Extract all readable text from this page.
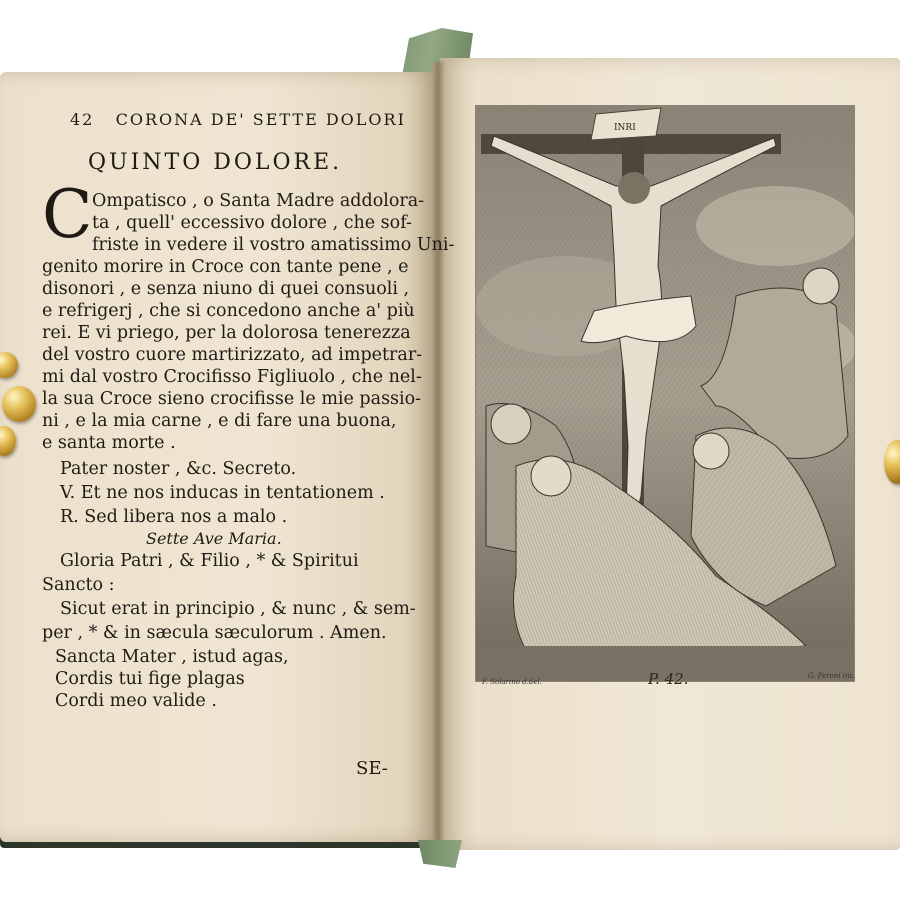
42 CORONA DE' SETTE DOLORI
QUINTO DOLORE.
C Ompatisco , o Santa Madre addolora-
ta , quell' eccessivo dolore , che sof-
friste in vedere il vostro amatissimo Uni-
genito morire in Croce con tante pene , e
disonori , e senza niuno di quei consuoli ,
e refrigerj , che si concedono anche a' più
rei. E vi priego, per la dolorosa tenerezza
del vostro cuore martirizzato, ad impetrar-
mi dal vostro Crocifisso Figliuolo , che nel-
la sua Croce sieno crocifisse le mie passio-
ni , e la mia carne , e di fare una buona,
e santa morte .
Pater noster , &c. Secreto.
V. Et ne nos inducas in tentationem .
R. Sed libera nos a malo .
Sette Ave Maria.
Gloria Patri , & Filio , * & Spiritui
Sancto :
Sicut erat in principio , & nunc , & sem-
per , * & in sæcula sæculorum . Amen.
Sancta Mater , istud agas,
Cordis tui fige plagas
Cordi meo valide .
SE-
INRI
F. Solarino d.del.	P. 42.	G. Peroni inc.
